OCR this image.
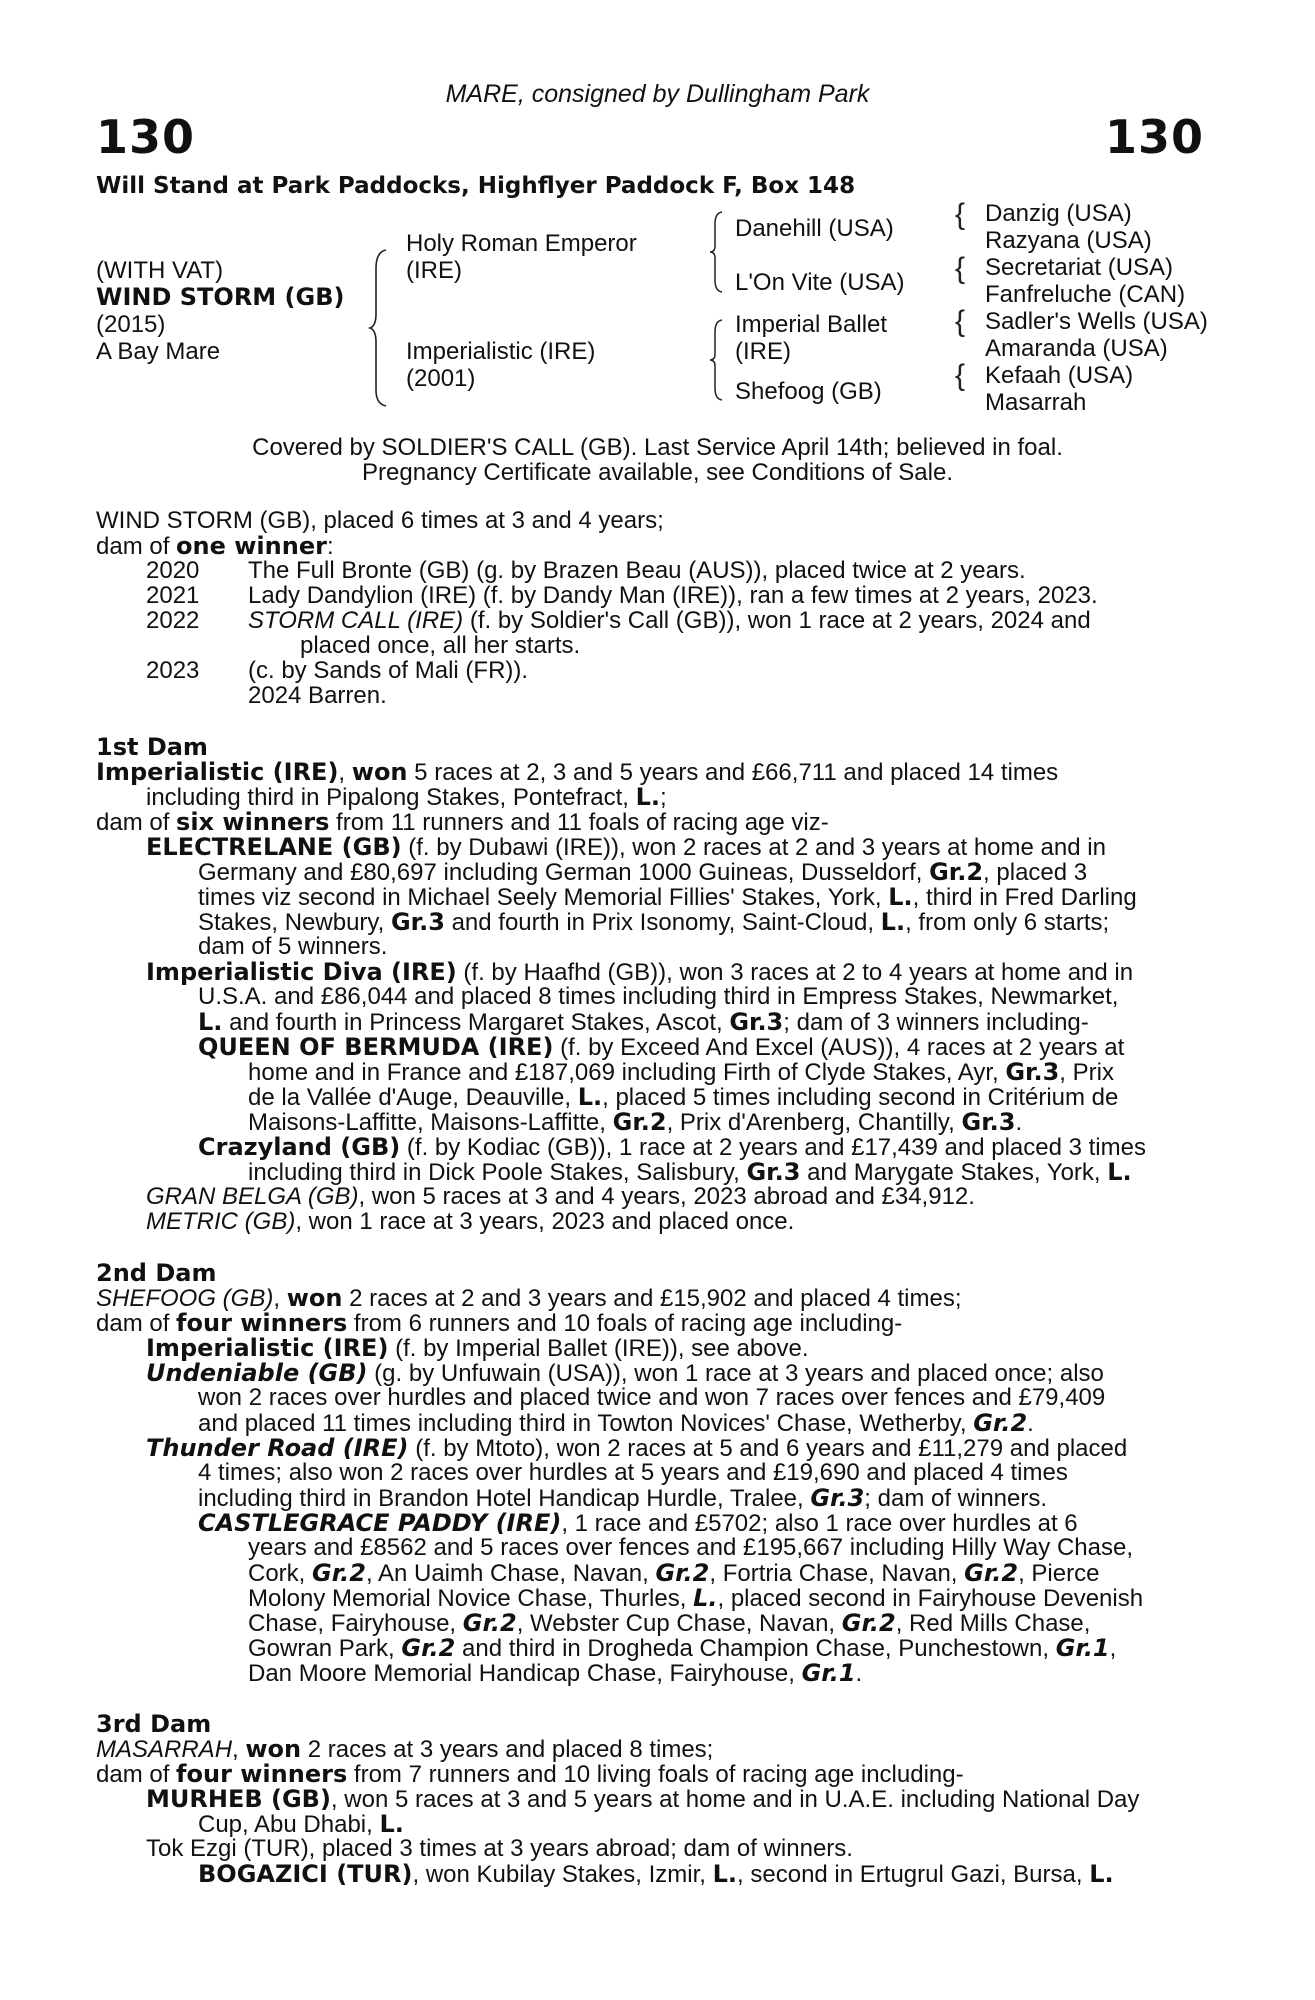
MARE, consigned by Dullingham Park
130	130
Will Stand at Park Paddocks, Highflyer Paddock F, Box 148
(WITH VAT)
WIND STORM (GB)
(2015)
A Bay Mare
Holy Roman Emperor
(IRE)
Imperialistic (IRE)
(2001)
Danehill (USA)
L'On Vite (USA)
Imperial Ballet
(IRE)
Shefoog (GB)
{
{
{
{
Danzig (USA)
Razyana (USA)
Secretariat (USA)
Fanfreluche (CAN)
Sadler's Wells (USA)
Amaranda (USA)
Kefaah (USA)
Masarrah
Covered by SOLDIER'S CALL (GB). Last Service April 14th; believed in foal.
Pregnancy Certificate available, see Conditions of Sale.
WIND STORM (GB), placed 6 times at 3 and 4 years;
dam of one winner:
2020 The Full Bronte (GB) (g. by Brazen Beau (AUS)), placed twice at 2 years.
2021 Lady Dandylion (IRE) (f. by Dandy Man (IRE)), ran a few times at 2 years, 2023.
2022 STORM CALL (IRE) (f. by Soldier's Call (GB)), won 1 race at 2 years, 2024 and
placed once, all her starts.
2023 (c. by Sands of Mali (FR)).
2024 Barren.
1st Dam
Imperialistic (IRE), won 5 races at 2, 3 and 5 years and £66,711 and placed 14 times
including third in Pipalong Stakes, Pontefract, L.;
dam of six winners from 11 runners and 11 foals of racing age viz-
ELECTRELANE (GB) (f. by Dubawi (IRE)), won 2 races at 2 and 3 years at home and in
Germany and £80,697 including German 1000 Guineas, Dusseldorf, Gr.2, placed 3
times viz second in Michael Seely Memorial Fillies' Stakes, York, L., third in Fred Darling
Stakes, Newbury, Gr.3 and fourth in Prix Isonomy, Saint-Cloud, L., from only 6 starts;
dam of 5 winners.
Imperialistic Diva (IRE) (f. by Haafhd (GB)), won 3 races at 2 to 4 years at home and in
U.S.A. and £86,044 and placed 8 times including third in Empress Stakes, Newmarket,
L. and fourth in Princess Margaret Stakes, Ascot, Gr.3; dam of 3 winners including-
QUEEN OF BERMUDA (IRE) (f. by Exceed And Excel (AUS)), 4 races at 2 years at
home and in France and £187,069 including Firth of Clyde Stakes, Ayr, Gr.3, Prix
de la Vallée d'Auge, Deauville, L., placed 5 times including second in Critérium de
Maisons-Laffitte, Maisons-Laffitte, Gr.2, Prix d'Arenberg, Chantilly, Gr.3.
Crazyland (GB) (f. by Kodiac (GB)), 1 race at 2 years and £17,439 and placed 3 times
including third in Dick Poole Stakes, Salisbury, Gr.3 and Marygate Stakes, York, L.
GRAN BELGA (GB), won 5 races at 3 and 4 years, 2023 abroad and £34,912.
METRIC (GB), won 1 race at 3 years, 2023 and placed once.
2nd Dam
SHEFOOG (GB), won 2 races at 2 and 3 years and £15,902 and placed 4 times;
dam of four winners from 6 runners and 10 foals of racing age including-
Imperialistic (IRE) (f. by Imperial Ballet (IRE)), see above.
Undeniable (GB) (g. by Unfuwain (USA)), won 1 race at 3 years and placed once; also
won 2 races over hurdles and placed twice and won 7 races over fences and £79,409
and placed 11 times including third in Towton Novices' Chase, Wetherby, Gr.2.
Thunder Road (IRE) (f. by Mtoto), won 2 races at 5 and 6 years and £11,279 and placed
4 times; also won 2 races over hurdles at 5 years and £19,690 and placed 4 times
including third in Brandon Hotel Handicap Hurdle, Tralee, Gr.3; dam of winners.
CASTLEGRACE PADDY (IRE), 1 race and £5702; also 1 race over hurdles at 6
years and £8562 and 5 races over fences and £195,667 including Hilly Way Chase,
Cork, Gr.2, An Uaimh Chase, Navan, Gr.2, Fortria Chase, Navan, Gr.2, Pierce
Molony Memorial Novice Chase, Thurles, L., placed second in Fairyhouse Devenish
Chase, Fairyhouse, Gr.2, Webster Cup Chase, Navan, Gr.2, Red Mills Chase,
Gowran Park, Gr.2 and third in Drogheda Champion Chase, Punchestown, Gr.1,
Dan Moore Memorial Handicap Chase, Fairyhouse, Gr.1.
3rd Dam
MASARRAH, won 2 races at 3 years and placed 8 times;
dam of four winners from 7 runners and 10 living foals of racing age including-
MURHEB (GB), won 5 races at 3 and 5 years at home and in U.A.E. including National Day
Cup, Abu Dhabi, L.
Tok Ezgi (TUR), placed 3 times at 3 years abroad; dam of winners.
BOGAZICI (TUR), won Kubilay Stakes, Izmir, L., second in Ertugrul Gazi, Bursa, L.
